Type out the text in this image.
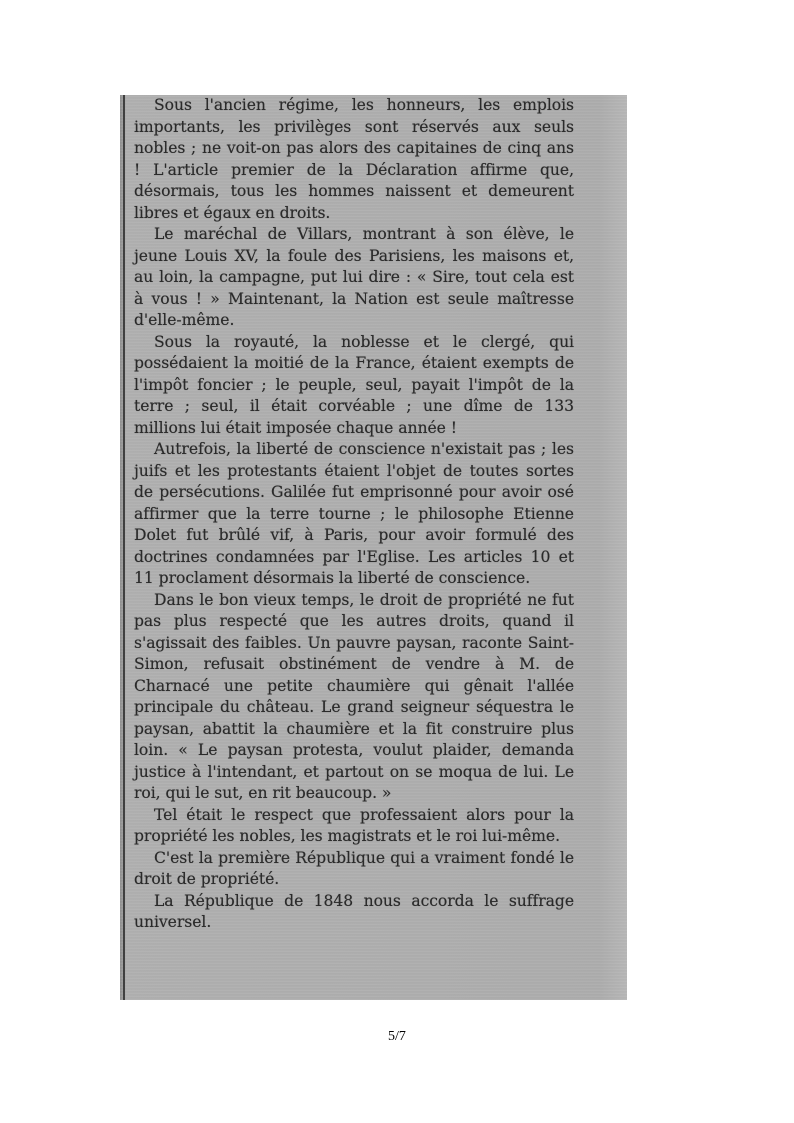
Sous l'ancien régime, les honneurs, les emplois importants, les privilèges sont réservés aux seuls nobles ; ne voit-on pas alors des capitaines de cinq ans ! L'article premier de la Déclaration affirme que, désormais, tous les hommes naissent et demeurent libres et égaux en droits.

Le maréchal de Villars, montrant à son élève, le jeune Louis XV, la foule des Parisiens, les maisons et, au loin, la campagne, put lui dire : « Sire, tout cela est à vous ! » Maintenant, la Nation est seule maîtresse d'elle-même.

Sous la royauté, la noblesse et le clergé, qui possédaient la moitié de la France, étaient exempts de l'impôt foncier ; le peuple, seul, payait l'impôt de la terre ; seul, il était corvéable ; une dîme de 133 millions lui était imposée chaque année !

Autrefois, la liberté de conscience n'existait pas ; les juifs et les protestants étaient l'objet de toutes sortes de persécutions. Galilée fut emprisonné pour avoir osé affirmer que la terre tourne ; le philosophe Etienne Dolet fut brûlé vif, à Paris, pour avoir formulé des doctrines condamnées par l'Eglise. Les articles 10 et 11 proclament désormais la liberté de conscience.

Dans le bon vieux temps, le droit de propriété ne fut pas plus respecté que les autres droits, quand il s'agissait des faibles. Un pauvre paysan, raconte Saint-Simon, refusait obstinément de vendre à M. de Charnacé une petite chaumière qui gênait l'allée principale du château. Le grand seigneur séquestra le paysan, abattit la chaumière et la fit construire plus loin. « Le paysan protesta, voulut plaider, demanda justice à l'intendant, et partout on se moqua de lui. Le roi, qui le sut, en rit beaucoup. »

Tel était le respect que professaient alors pour la propriété les nobles, les magistrats et le roi lui-même.

C'est la première République qui a vraiment fondé le droit de propriété.

La République de 1848 nous accorda le suffrage universel.

5/7
